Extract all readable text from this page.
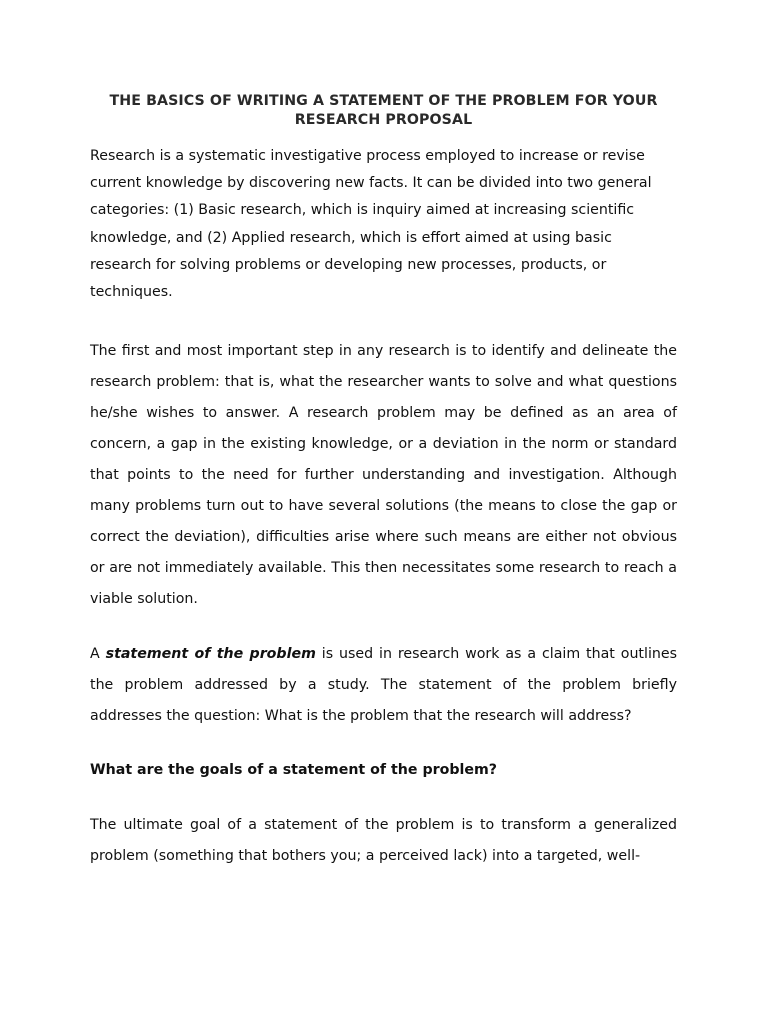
THE BASICS OF WRITING A STATEMENT OF THE PROBLEM FOR YOUR RESEARCH PROPOSAL

Research is a systematic investigative process employed to increase or revise current knowledge by discovering new facts. It can be divided into two general categories: (1) Basic research, which is inquiry aimed at increasing scientific knowledge, and (2) Applied research, which is effort aimed at using basic research for solving problems or developing new processes, products, or techniques.

The first and most important step in any research is to identify and delineate the research problem: that is, what the researcher wants to solve and what questions he/she wishes to answer. A research problem may be defined as an area of concern, a gap in the existing knowledge, or a deviation in the norm or standard that points to the need for further understanding and investigation. Although many problems turn out to have several solutions (the means to close the gap or correct the deviation), difficulties arise where such means are either not obvious or are not immediately available. This then necessitates some research to reach a viable solution.

A statement of the problem is used in research work as a claim that outlines the problem addressed by a study. The statement of the problem briefly addresses the question: What is the problem that the research will address?

What are the goals of a statement of the problem?

The ultimate goal of a statement of the problem is to transform a generalized problem (something that bothers you; a perceived lack) into a targeted, well-
